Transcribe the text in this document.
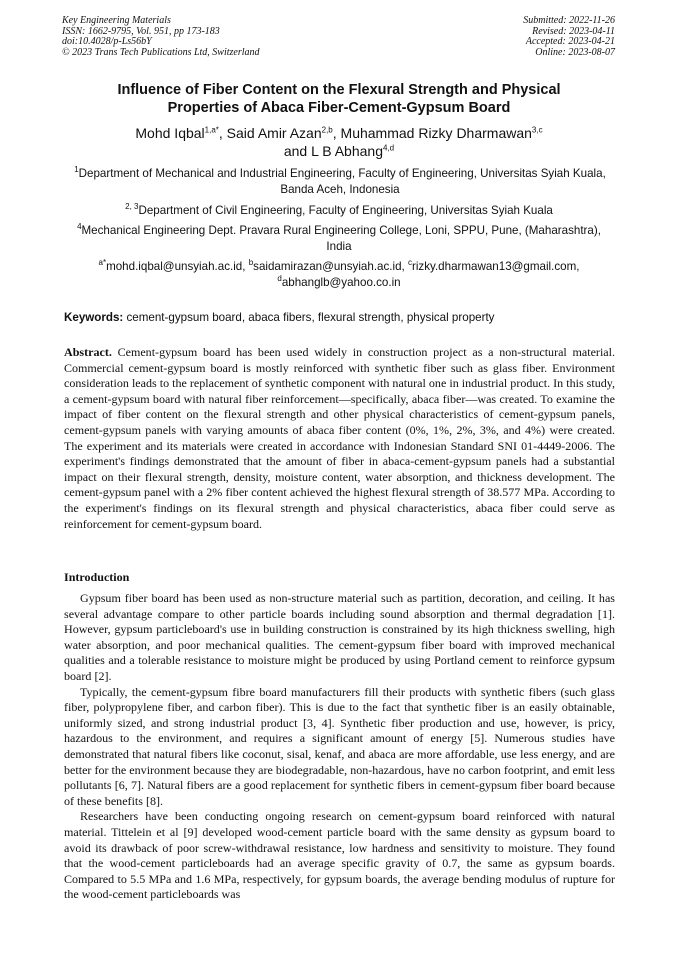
Key Engineering Materials
ISSN: 1662-9795, Vol. 951, pp 173-183
doi:10.4028/p-Ls56bY
© 2023 Trans Tech Publications Ltd, Switzerland
Submitted: 2022-11-26
Revised: 2023-04-11
Accepted: 2023-04-21
Online: 2023-08-07
Influence of Fiber Content on the Flexural Strength and Physical
Properties of Abaca Fiber-Cement-Gypsum Board
Mohd Iqbal$^{1,a*}$, Said Amir Azan$^{2,b}$, Muhammad Rizky Dharmawan$^{3,c}$
and L B Abhang$^{4,d}$
$^1$Department of Mechanical and Industrial Engineering, Faculty of Engineering, Universitas Syiah Kuala, Banda Aceh, Indonesia
$^{2, 3}$Department of Civil Engineering, Faculty of Engineering, Universitas Syiah Kuala
$^4$Mechanical Engineering Dept. Pravara Rural Engineering College, Loni, SPPU, Pune, (Maharashtra), India
$^{a*}$mohd.iqbal@unsyiah.ac.id, $^b$saidamirazan@unsyiah.ac.id, $^c$rizky.dharmawan13@gmail.com,
$^d$abhanglb@yahoo.co.in
Keywords: cement-gypsum board, abaca fibers, flexural strength, physical property

Abstract. Cement-gypsum board has been used widely in construction project as a non-structural material. Commercial cement-gypsum board is mostly reinforced with synthetic fiber such as glass fiber. Environment consideration leads to the replacement of synthetic component with natural one in industrial product. In this study, a cement-gypsum board with natural fiber reinforcement—specifically, abaca fiber—was created. To examine the impact of fiber content on the flexural strength and other physical characteristics of cement-gypsum panels, cement-gypsum panels with varying amounts of abaca fiber content (0%, 1%, 2%, 3%, and 4%) were created. The experiment and its materials were created in accordance with Indonesian Standard SNI 01-4449-2006. The experiment's findings demonstrated that the amount of fiber in abaca-cement-gypsum panels had a substantial impact on their flexural strength, density, moisture content, water absorption, and thickness development. The cement-gypsum panel with a 2% fiber content achieved the highest flexural strength of 38.577 MPa. According to the experiment's findings on its flexural strength and physical characteristics, abaca fiber could serve as reinforcement for cement-gypsum board.

Introduction

Gypsum fiber board has been used as non-structure material such as partition, decoration, and ceiling. It has several advantage compare to other particle boards including sound absorption and thermal degradation [1]. However, gypsum particleboard's use in building construction is constrained by its high thickness swelling, high water absorption, and poor mechanical qualities. The cement-gypsum fiber board with improved mechanical qualities and a tolerable resistance to moisture might be produced by using Portland cement to reinforce gypsum board [2].

Typically, the cement-gypsum fibre board manufacturers fill their products with synthetic fibers (such glass fiber, polypropylene fiber, and carbon fiber). This is due to the fact that synthetic fiber is an easily obtainable, uniformly sized, and strong industrial product [3, 4]. Synthetic fiber production and use, however, is pricy, hazardous to the environment, and requires a significant amount of energy [5]. Numerous studies have demonstrated that natural fibers like coconut, sisal, kenaf, and abaca are more affordable, use less energy, and are better for the environment because they are biodegradable, non-hazardous, have no carbon footprint, and emit less pollutants [6, 7]. Natural fibers are a good replacement for synthetic fibers in cement-gypsum fiber board because of these benefits [8].

Researchers have been conducting ongoing research on cement-gypsum board reinforced with natural material. Tittelein et al [9] developed wood-cement particle board with the same density as gypsum board to avoid its drawback of poor screw-withdrawal resistance, low hardness and sensitivity to moisture. They found that the wood-cement particleboards had an average specific gravity of 0.7, the same as gypsum boards. Compared to 5.5 MPa and 1.6 MPa, respectively, for gypsum boards, the average bending modulus of rupture for the wood-cement particleboards was
